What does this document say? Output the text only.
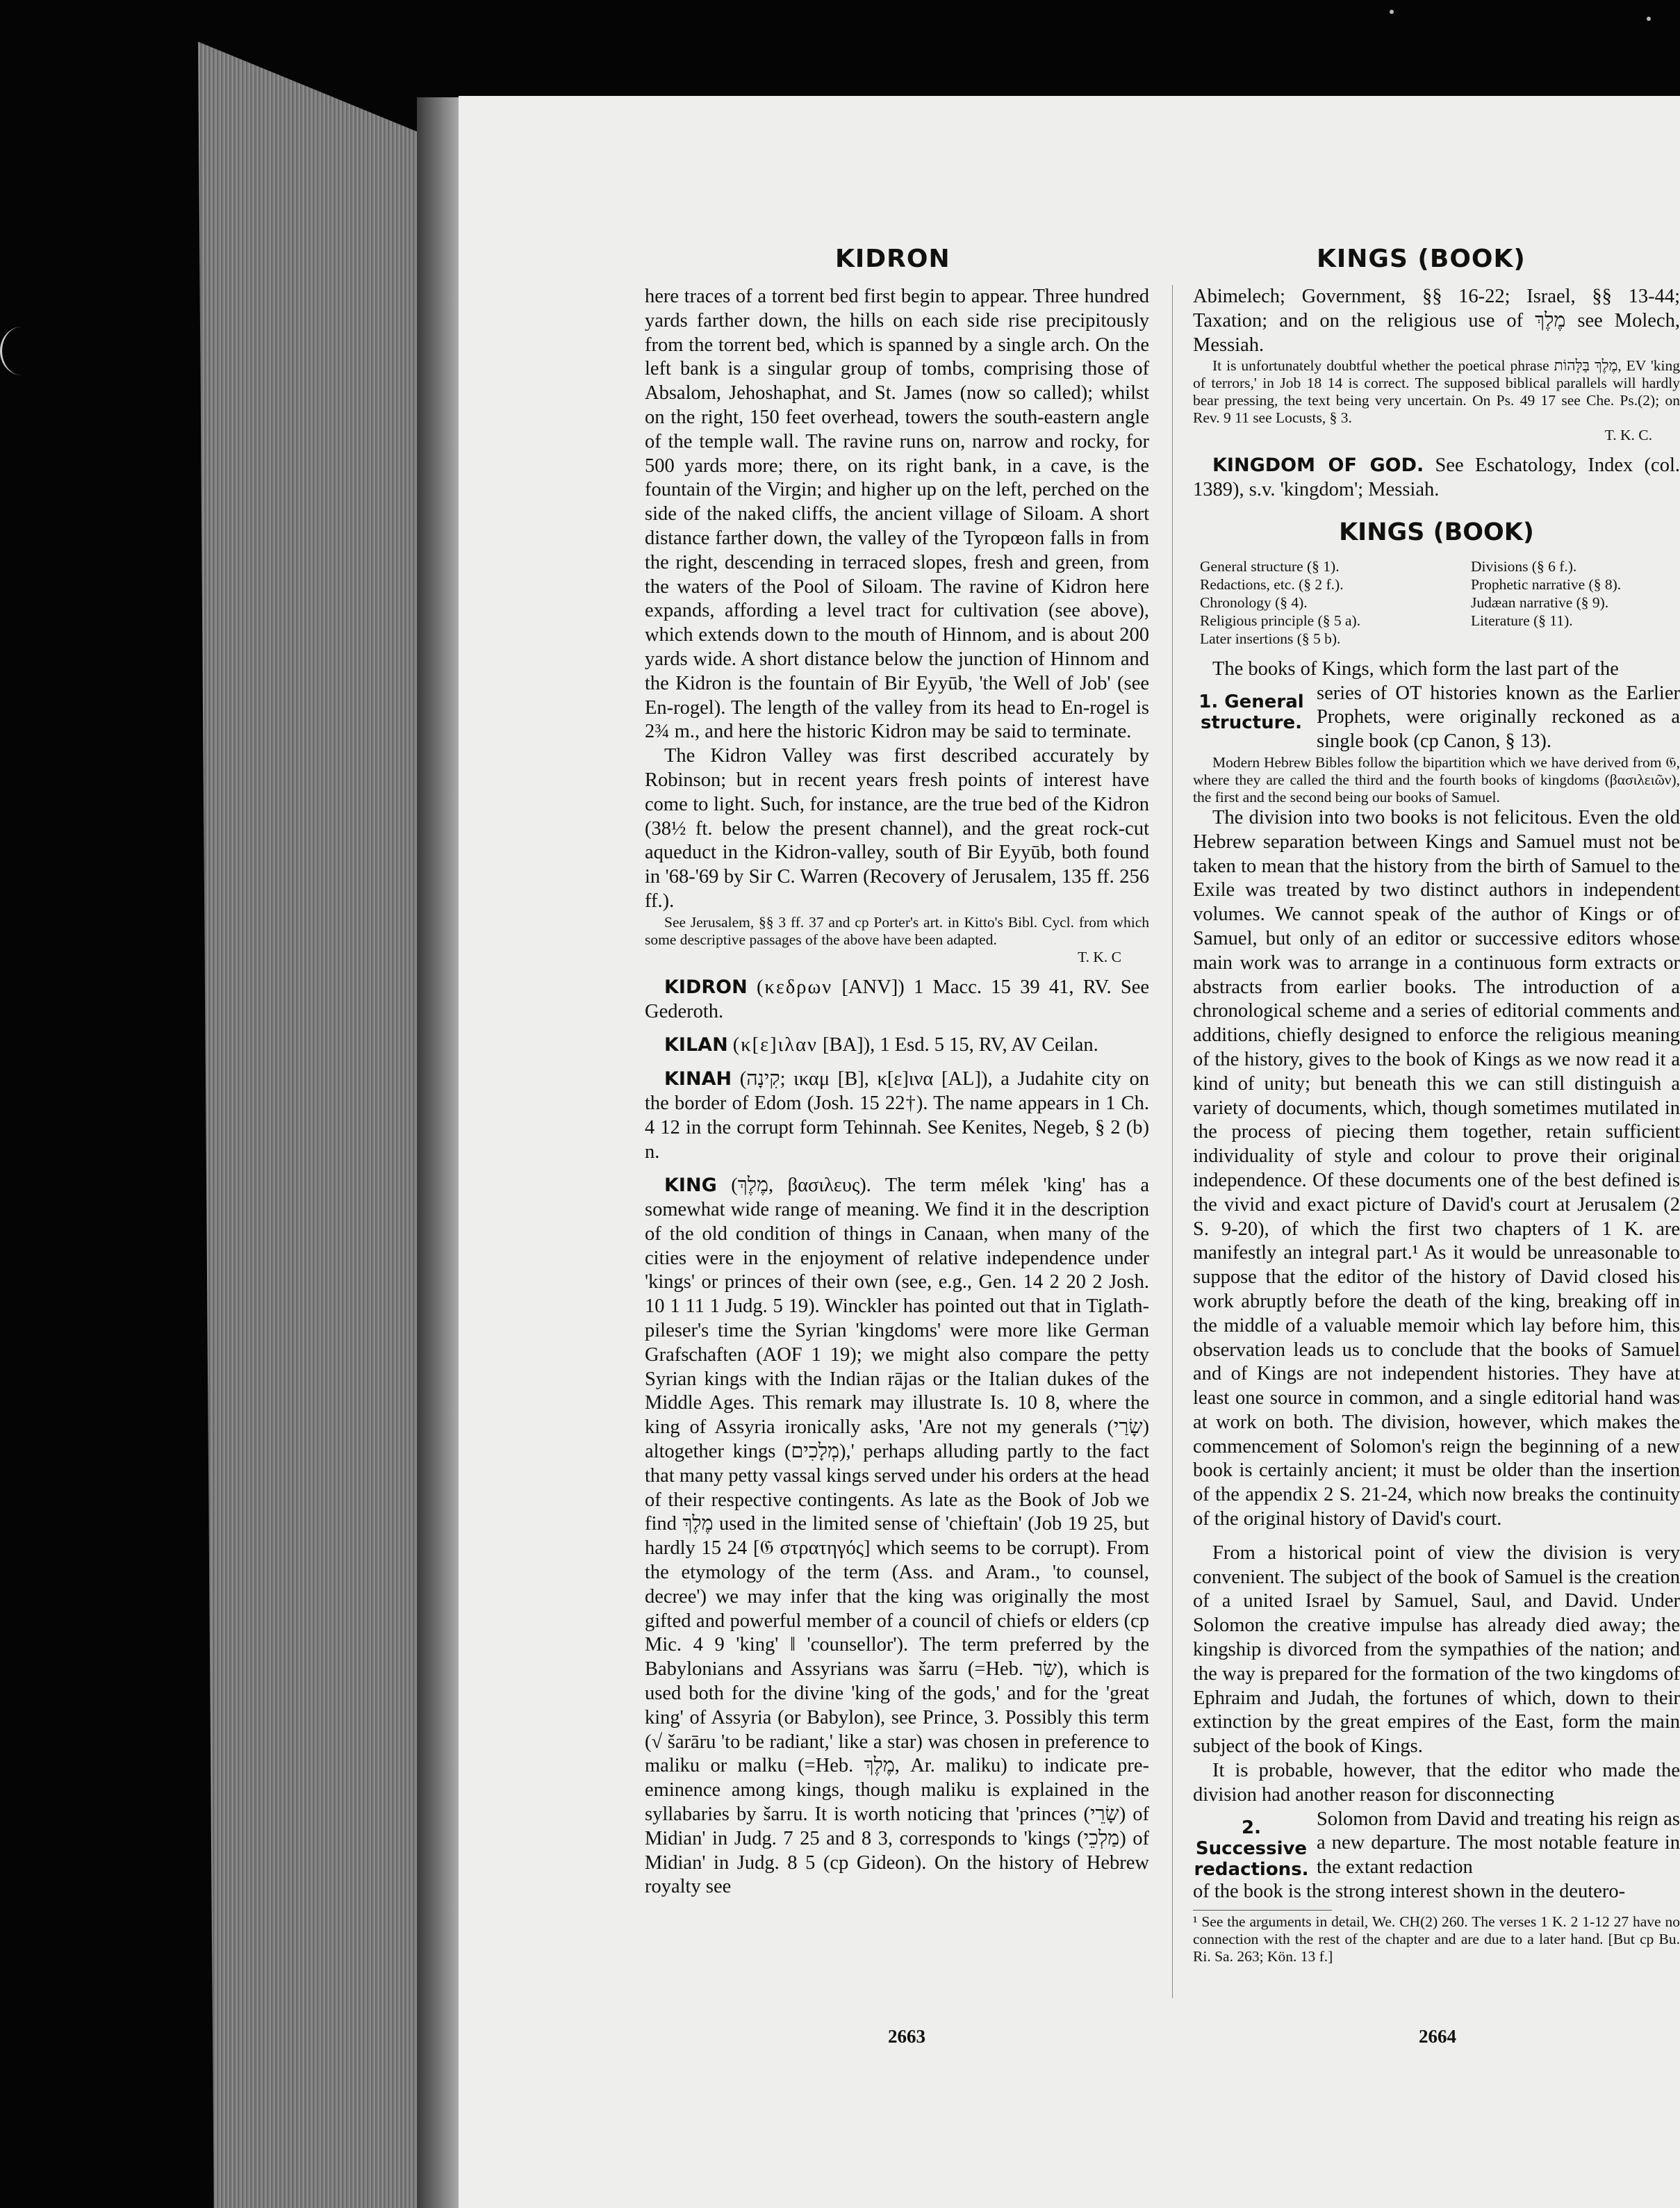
KIDRON	KINGS (BOOK)

here traces of a torrent bed first begin to appear. Three hundred yards farther down, the hills on each side rise precipitously from the torrent bed, which is spanned by a single arch. On the left bank is a singular group of tombs, comprising those of Absalom, Jehoshaphat, and St. James (now so called); whilst on the right, 150 feet overhead, towers the south-eastern angle of the temple wall. The ravine runs on, narrow and rocky, for 500 yards more; there, on its right bank, in a cave, is the fountain of the Virgin; and higher up on the left, perched on the side of the naked cliffs, the ancient village of Siloam. A short distance farther down, the valley of the Tyropœon falls in from the right, descending in terraced slopes, fresh and green, from the waters of the Pool of Siloam. The ravine of Kidron here expands, affording a level tract for cultivation (see above), which extends down to the mouth of Hinnom, and is about 200 yards wide. A short distance below the junction of Hinnom and the Kidron is the fountain of Bir Eyyūb, 'the Well of Job' (see En-rogel). The length of the valley from its head to En-rogel is 2¾ m., and here the historic Kidron may be said to terminate.

The Kidron Valley was first described accurately by Robinson; but in recent years fresh points of interest have come to light. Such, for instance, are the true bed of the Kidron (38½ ft. below the present channel), and the great rock-cut aqueduct in the Kidron-valley, south of Bir Eyyūb, both found in '68-'69 by Sir C. Warren (Recovery of Jerusalem, 135 ff. 256 ff.).

See Jerusalem, §§ 3 ff. 37 and cp Porter's art. in Kitto's Bibl. Cycl. from which some descriptive passages of the above have been adapted.

T. K. C

KIDRON (κεδρων [ANV]) 1 Macc. 15 39 41, RV. See Gederoth.

KILAN (κ[ε]ιλαν [BA]), 1 Esd. 5 15, RV, AV Ceilan.

KINAH (קִינָה; ικαμ [B], κ[ε]ινα [AL]), a Judahite city on the border of Edom (Josh. 15 22†). The name appears in 1 Ch. 4 12 in the corrupt form Tehinnah. See Kenites, Negeb, § 2 (b) n.

KING (מֶלֶךְ, βασιλευς). The term mélek 'king' has a somewhat wide range of meaning. We find it in the description of the old condition of things in Canaan, when many of the cities were in the enjoyment of relative independence under 'kings' or princes of their own (see, e.g., Gen. 14 2 20 2 Josh. 10 1 11 1 Judg. 5 19). Winckler has pointed out that in Tiglath-pileser's time the Syrian 'kingdoms' were more like German Grafschaften (AOF 1 19); we might also compare the petty Syrian kings with the Indian rājas or the Italian dukes of the Middle Ages. This remark may illustrate Is. 10 8, where the king of Assyria ironically asks, 'Are not my generals (שָׂרַי) altogether kings (מְלָכִים),' perhaps alluding partly to the fact that many petty vassal kings served under his orders at the head of their respective contingents. As late as the Book of Job we find מֶלֶךְ used in the limited sense of 'chieftain' (Job 19 25, but hardly 15 24 [𝔊 στρατηγός] which seems to be corrupt). From the etymology of the term (Ass. and Aram., 'to counsel, decree') we may infer that the king was originally the most gifted and powerful member of a council of chiefs or elders (cp Mic. 4 9 'king' ‖ 'counsellor'). The term preferred by the Babylonians and Assyrians was šarru (=Heb. שַׂר), which is used both for the divine 'king of the gods,' and for the 'great king' of Assyria (or Babylon), see Prince, 3. Possibly this term (√ šarāru 'to be radiant,' like a star) was chosen in preference to maliku or malku (=Heb. מֶלֶךְ, Ar. maliku) to indicate pre-eminence among kings, though maliku is explained in the syllabaries by šarru. It is worth noticing that 'princes (שָׂרֵי) of Midian' in Judg. 7 25 and 8 3, corresponds to 'kings (מַלְכֵי) of Midian' in Judg. 8 5 (cp Gideon). On the history of Hebrew royalty see

Abimelech; Government, §§ 16-22; Israel, §§ 13-44; Taxation; and on the religious use of מֶלֶךְ see Molech, Messiah.

It is unfortunately doubtful whether the poetical phrase מֶלֶךְ בַּלָּהוֹת, EV 'king of terrors,' in Job 18 14 is correct. The supposed biblical parallels will hardly bear pressing, the text being very uncertain. On Ps. 49 17 see Che. Ps.(2); on Rev. 9 11 see Locusts, § 3.

T. K. C.

KINGDOM OF GOD. See Eschatology, Index (col. 1389), s.v. 'kingdom'; Messiah.

KINGS (BOOK)
General structure (§ 1).
Redactions, etc. (§ 2 f.).
Chronology (§ 4).
Religious principle (§ 5 a).
Later insertions (§ 5 b).
Divisions (§ 6 f.).
Prophetic narrative (§ 8).
Judæan narrative (§ 9).
Literature (§ 11).

The books of Kings, which form the last part of the

1. General structure.

series of OT histories known as the Earlier Prophets, were originally reckoned as a single book (cp Canon, § 13).

Modern Hebrew Bibles follow the bipartition which we have derived from 𝔊, where they are called the third and the fourth books of kingdoms (βασιλειῶν), the first and the second being our books of Samuel.

The division into two books is not felicitous. Even the old Hebrew separation between Kings and Samuel must not be taken to mean that the history from the birth of Samuel to the Exile was treated by two distinct authors in independent volumes. We cannot speak of the author of Kings or of Samuel, but only of an editor or successive editors whose main work was to arrange in a continuous form extracts or abstracts from earlier books. The introduction of a chronological scheme and a series of editorial comments and additions, chiefly designed to enforce the religious meaning of the history, gives to the book of Kings as we now read it a kind of unity; but beneath this we can still distinguish a variety of documents, which, though sometimes mutilated in the process of piecing them together, retain sufficient individuality of style and colour to prove their original independence. Of these documents one of the best defined is the vivid and exact picture of David's court at Jerusalem (2 S. 9-20), of which the first two chapters of 1 K. are manifestly an integral part.¹ As it would be unreasonable to suppose that the editor of the history of David closed his work abruptly before the death of the king, breaking off in the middle of a valuable memoir which lay before him, this observation leads us to conclude that the books of Samuel and of Kings are not independent histories. They have at least one source in common, and a single editorial hand was at work on both. The division, however, which makes the commencement of Solomon's reign the beginning of a new book is certainly ancient; it must be older than the insertion of the appendix 2 S. 21-24, which now breaks the continuity of the original history of David's court.

From a historical point of view the division is very convenient. The subject of the book of Samuel is the creation of a united Israel by Samuel, Saul, and David. Under Solomon the creative impulse has already died away; the kingship is divorced from the sympathies of the nation; and the way is prepared for the formation of the two kingdoms of Ephraim and Judah, the fortunes of which, down to their extinction by the great empires of the East, form the main subject of the book of Kings.

It is probable, however, that the editor who made the division had another reason for disconnecting

2. Successive redactions.

Solomon from David and treating his reign as a new departure. The most notable feature in the extant redaction

of the book is the strong interest shown in the deutero-

¹ See the arguments in detail, We. CH(2) 260. The verses 1 K. 2 1-12 27 have no connection with the rest of the chapter and are due to a later hand. [But cp Bu. Ri. Sa. 263; Kön. 13 f.]

2663	2664
